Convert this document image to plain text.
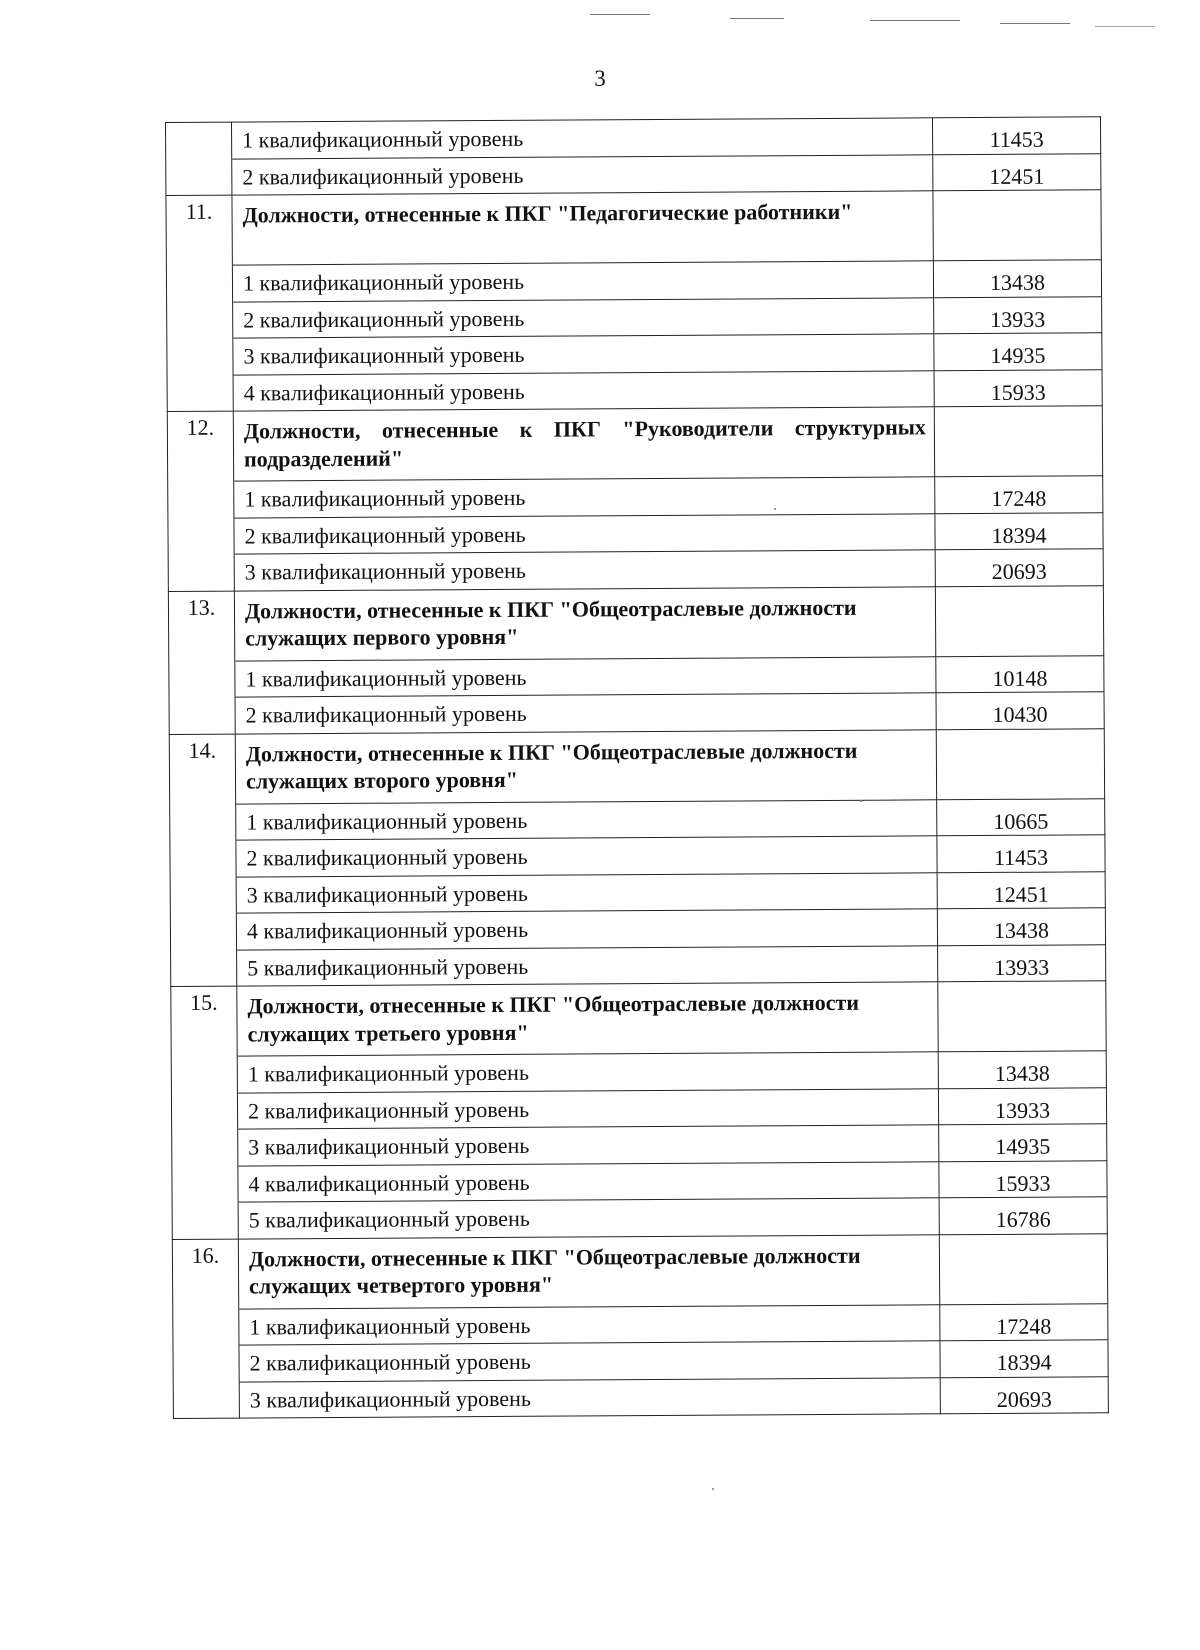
3
	1 квалификационный уровень	11453
	2 квалификационный уровень	12451
11.	Должности, отнесенные к ПКГ "Педагогические работники"	
	1 квалификационный уровень	13438
	2 квалификационный уровень	13933
	3 квалификационный уровень	14935
	4 квалификационный уровень	15933
12.	Должности, отнесенные к ПКГ "Руководители структурных подразделений"	
	1 квалификационный уровень	17248
	2 квалификационный уровень	18394
	3 квалификационный уровень	20693
13.	Должности, отнесенные к ПКГ "Общеотраслевые должности служащих первого уровня"	
	1 квалификационный уровень	10148
	2 квалификационный уровень	10430
14.	Должности, отнесенные к ПКГ "Общеотраслевые должности служащих второго уровня"	
	1 квалификационный уровень	10665
	2 квалификационный уровень	11453
	3 квалификационный уровень	12451
	4 квалификационный уровень	13438
	5 квалификационный уровень	13933
15.	Должности, отнесенные к ПКГ "Общеотраслевые должности служащих третьего уровня"	
	1 квалификационный уровень	13438
	2 квалификационный уровень	13933
	3 квалификационный уровень	14935
	4 квалификационный уровень	15933
	5 квалификационный уровень	16786
16.	Должности, отнесенные к ПКГ "Общеотраслевые должности служащих четвертого уровня"	
	1 квалификационный уровень	17248
	2 квалификационный уровень	18394
	3 квалификационный уровень	20693
